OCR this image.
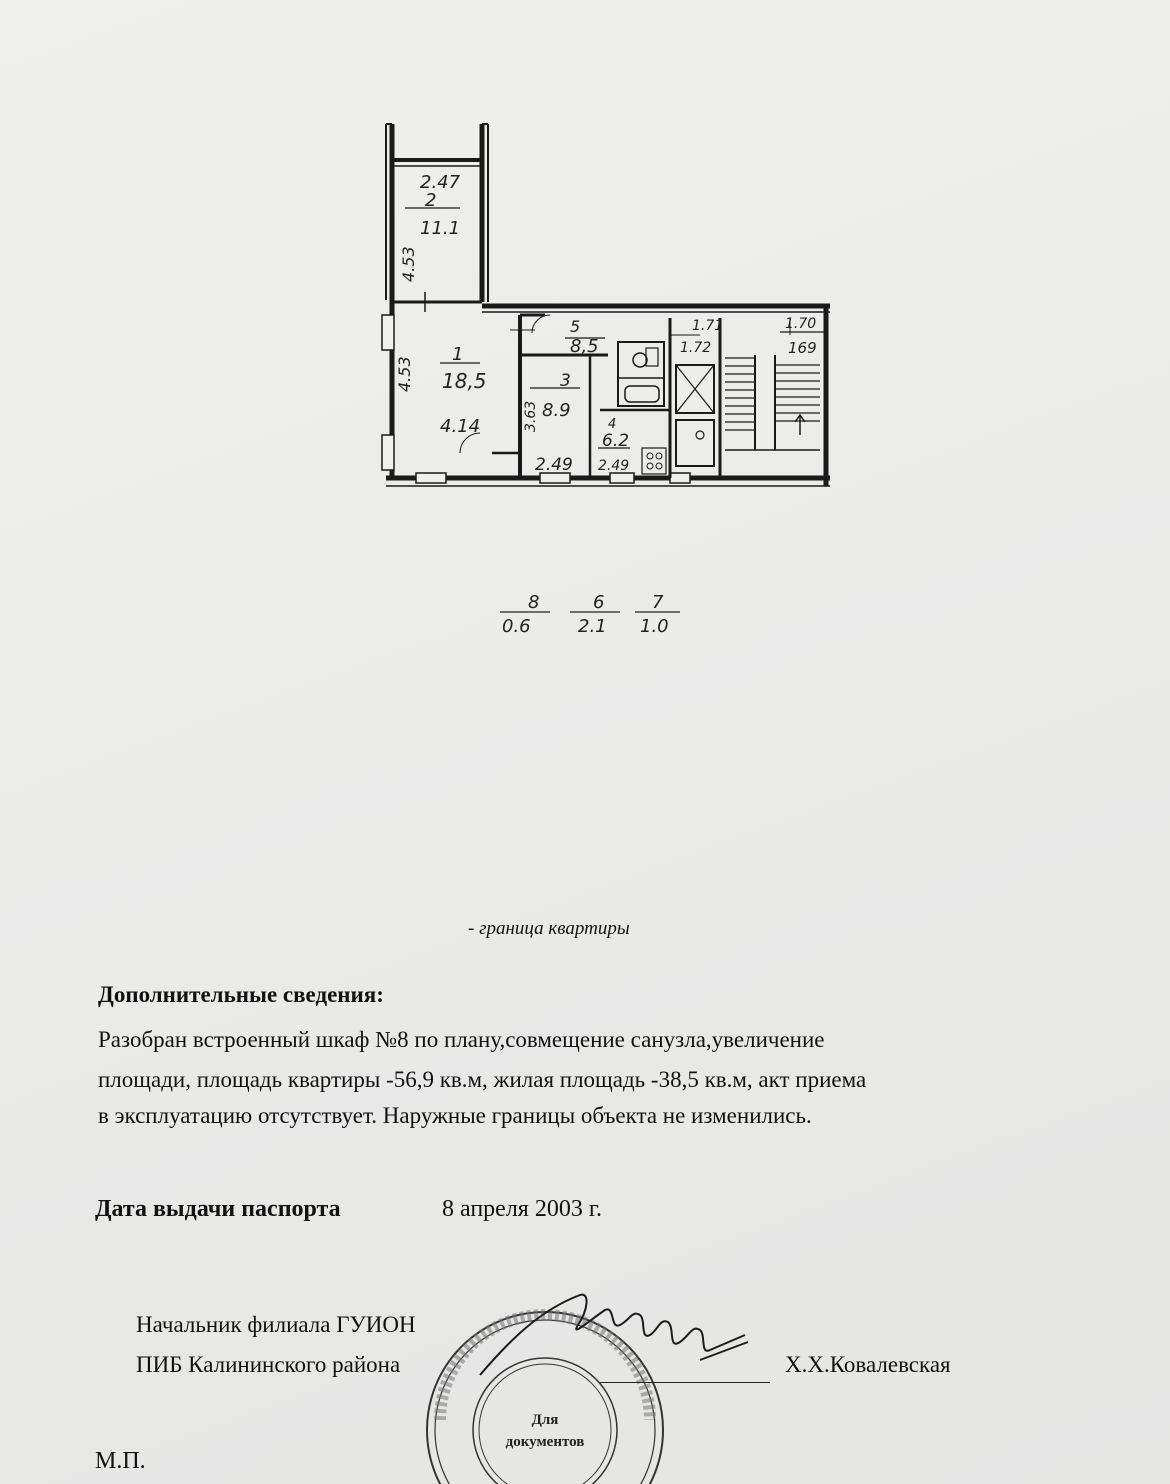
2.47
2
11.1
4.53
4.53
1
18,5
4.14
5
8,5
3
8.9
3.63
2.49
4
6.2
2.49
1.71
1.72
1.70
169
8
0.6
6
2.1
7
1.0
- граница квартиры
Дополнительные сведения:
Разобран встроенный шкаф №8 по плану,совмещение санузла,увеличение
площади, площадь квартиры -56,9 кв.м, жилая площадь -38,5 кв.м, акт приема
в эксплуатацию отсутствует. Наружные границы объекта не изменились.
Дата выдачи паспорта	8 апреля 2003 г.
Для
документов
Начальник филиала ГУИОН
ПИБ Калининского района	Х.Х.Ковалевская
М.П.
